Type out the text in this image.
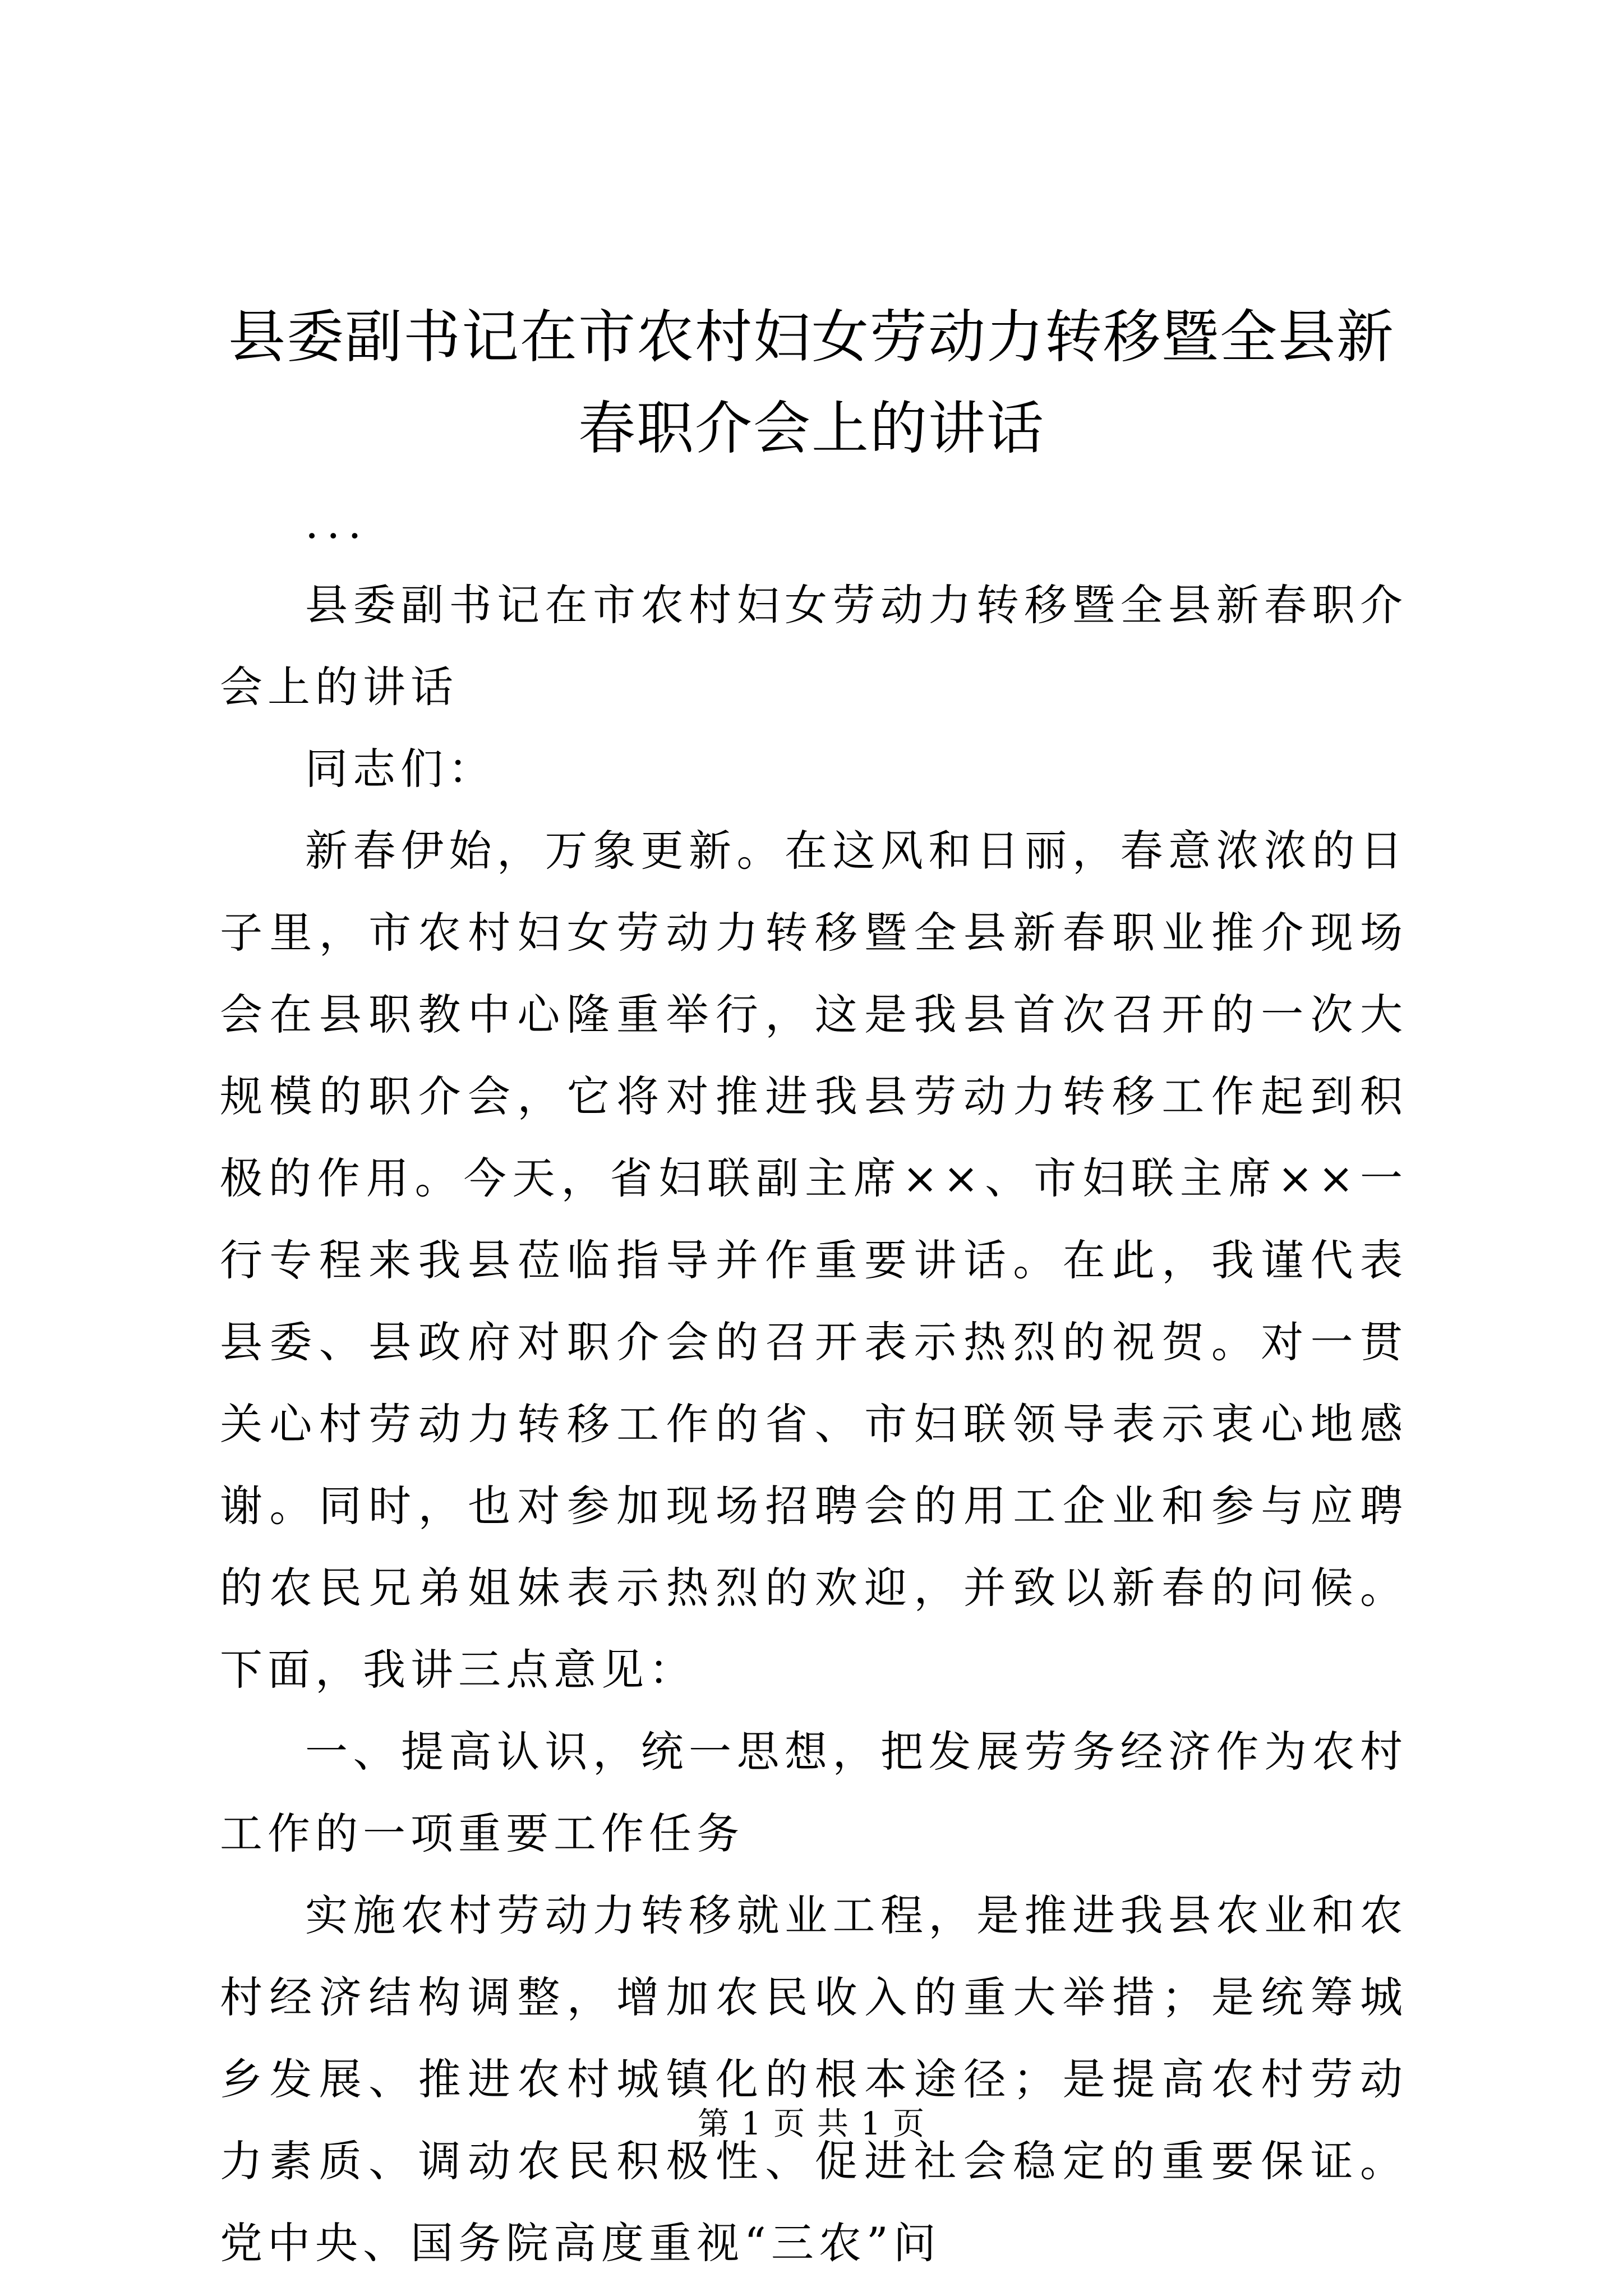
县委副书记在市农村妇女劳动力转移暨全县新春职介会上的讲话

...

县委副书记在市农村妇女劳动力转移暨全县新春职介会上的讲话

同志们：

新春伊始，万象更新。在这风和日丽，春意浓浓的日子里，市农村妇女劳动力转移暨全县新春职业推介现场会在县职教中心隆重举行，这是我县首次召开的一次大规模的职介会，它将对推进我县劳动力转移工作起到积极的作用。今天，省妇联副主席××、市妇联主席××一行专程来我县莅临指导并作重要讲话。在此，我谨代表县委、县政府对职介会的召开表示热烈的祝贺。对一贯关心村劳动力转移工作的省、市妇联领导表示衷心地感谢。同时，也对参加现场招聘会的用工企业和参与应聘的农民兄弟姐妹表示热烈的欢迎，并致以新春的问候。下面，我讲三点意见：

一、提高认识，统一思想，把发展劳务经济作为农村工作的一项重要工作任务

实施农村劳动力转移就业工程，是推进我县农业和农村经济结构调整，增加农民收入的重大举措；是统筹城乡发展、推进农村城镇化的根本途径；是提高农村劳动力素质、调动农民积极性、促进社会稳定的重要保证。党中央、国务院高度重视“三农”问

第 1 页 共 1 页
